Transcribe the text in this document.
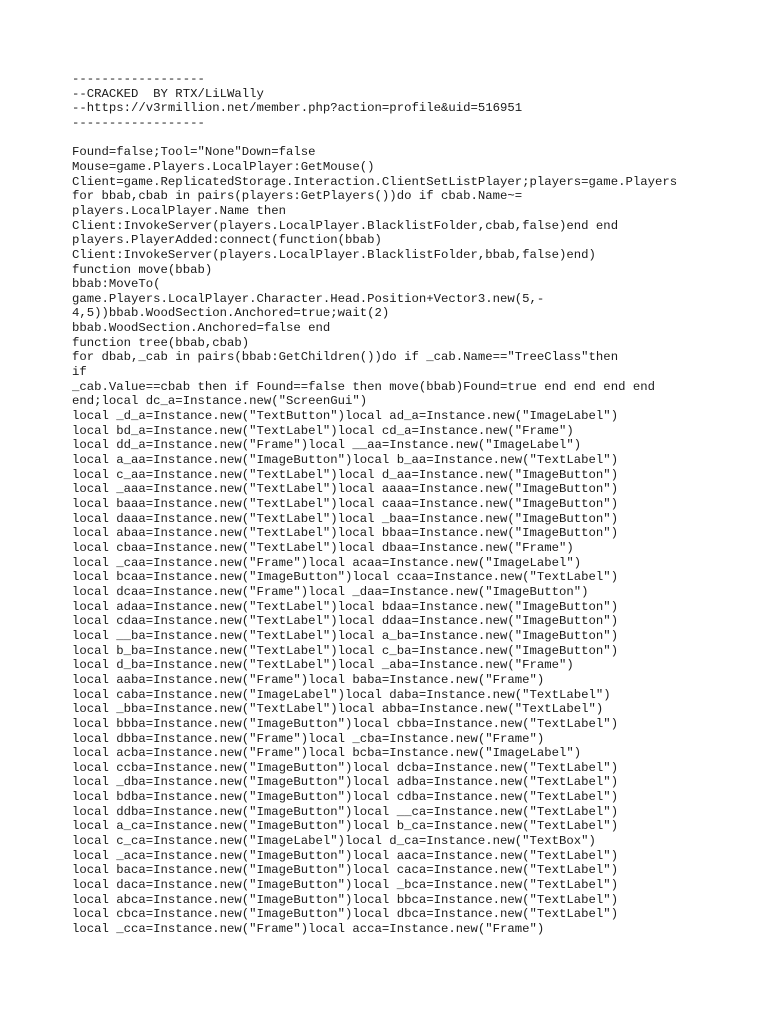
------------------
--CRACKED  BY RTX/LiLWally
--https://v3rmillion.net/member.php?action=profile&uid=516951
------------------
Found=false;Tool="None"Down=false
Mouse=game.Players.LocalPlayer:GetMouse()
Client=game.ReplicatedStorage.Interaction.ClientSetListPlayer;players=game.Players
for bbab,cbab in pairs(players:GetPlayers())do if cbab.Name~=
players.LocalPlayer.Name then
Client:InvokeServer(players.LocalPlayer.BlacklistFolder,cbab,false)end end
players.PlayerAdded:connect(function(bbab)
Client:InvokeServer(players.LocalPlayer.BlacklistFolder,bbab,false)end)
function move(bbab)
bbab:MoveTo(
game.Players.LocalPlayer.Character.Head.Position+Vector3.new(5,-
4,5))bbab.WoodSection.Anchored=true;wait(2)
bbab.WoodSection.Anchored=false end
function tree(bbab,cbab)
for dbab,_cab in pairs(bbab:GetChildren())do if _cab.Name=="TreeClass"then
if
_cab.Value==cbab then if Found==false then move(bbab)Found=true end end end end
end;local dc_a=Instance.new("ScreenGui")
local _d_a=Instance.new("TextButton")local ad_a=Instance.new("ImageLabel")
local bd_a=Instance.new("TextLabel")local cd_a=Instance.new("Frame")
local dd_a=Instance.new("Frame")local __aa=Instance.new("ImageLabel")
local a_aa=Instance.new("ImageButton")local b_aa=Instance.new("TextLabel")
local c_aa=Instance.new("TextLabel")local d_aa=Instance.new("ImageButton")
local _aaa=Instance.new("TextLabel")local aaaa=Instance.new("ImageButton")
local baaa=Instance.new("TextLabel")local caaa=Instance.new("ImageButton")
local daaa=Instance.new("TextLabel")local _baa=Instance.new("ImageButton")
local abaa=Instance.new("TextLabel")local bbaa=Instance.new("ImageButton")
local cbaa=Instance.new("TextLabel")local dbaa=Instance.new("Frame")
local _caa=Instance.new("Frame")local acaa=Instance.new("ImageLabel")
local bcaa=Instance.new("ImageButton")local ccaa=Instance.new("TextLabel")
local dcaa=Instance.new("Frame")local _daa=Instance.new("ImageButton")
local adaa=Instance.new("TextLabel")local bdaa=Instance.new("ImageButton")
local cdaa=Instance.new("TextLabel")local ddaa=Instance.new("ImageButton")
local __ba=Instance.new("TextLabel")local a_ba=Instance.new("ImageButton")
local b_ba=Instance.new("TextLabel")local c_ba=Instance.new("ImageButton")
local d_ba=Instance.new("TextLabel")local _aba=Instance.new("Frame")
local aaba=Instance.new("Frame")local baba=Instance.new("Frame")
local caba=Instance.new("ImageLabel")local daba=Instance.new("TextLabel")
local _bba=Instance.new("TextLabel")local abba=Instance.new("TextLabel")
local bbba=Instance.new("ImageButton")local cbba=Instance.new("TextLabel")
local dbba=Instance.new("Frame")local _cba=Instance.new("Frame")
local acba=Instance.new("Frame")local bcba=Instance.new("ImageLabel")
local ccba=Instance.new("ImageButton")local dcba=Instance.new("TextLabel")
local _dba=Instance.new("ImageButton")local adba=Instance.new("TextLabel")
local bdba=Instance.new("ImageButton")local cdba=Instance.new("TextLabel")
local ddba=Instance.new("ImageButton")local __ca=Instance.new("TextLabel")
local a_ca=Instance.new("ImageButton")local b_ca=Instance.new("TextLabel")
local c_ca=Instance.new("ImageLabel")local d_ca=Instance.new("TextBox")
local _aca=Instance.new("ImageButton")local aaca=Instance.new("TextLabel")
local baca=Instance.new("ImageButton")local caca=Instance.new("TextLabel")
local daca=Instance.new("ImageButton")local _bca=Instance.new("TextLabel")
local abca=Instance.new("ImageButton")local bbca=Instance.new("TextLabel")
local cbca=Instance.new("ImageButton")local dbca=Instance.new("TextLabel")
local _cca=Instance.new("Frame")local acca=Instance.new("Frame")
